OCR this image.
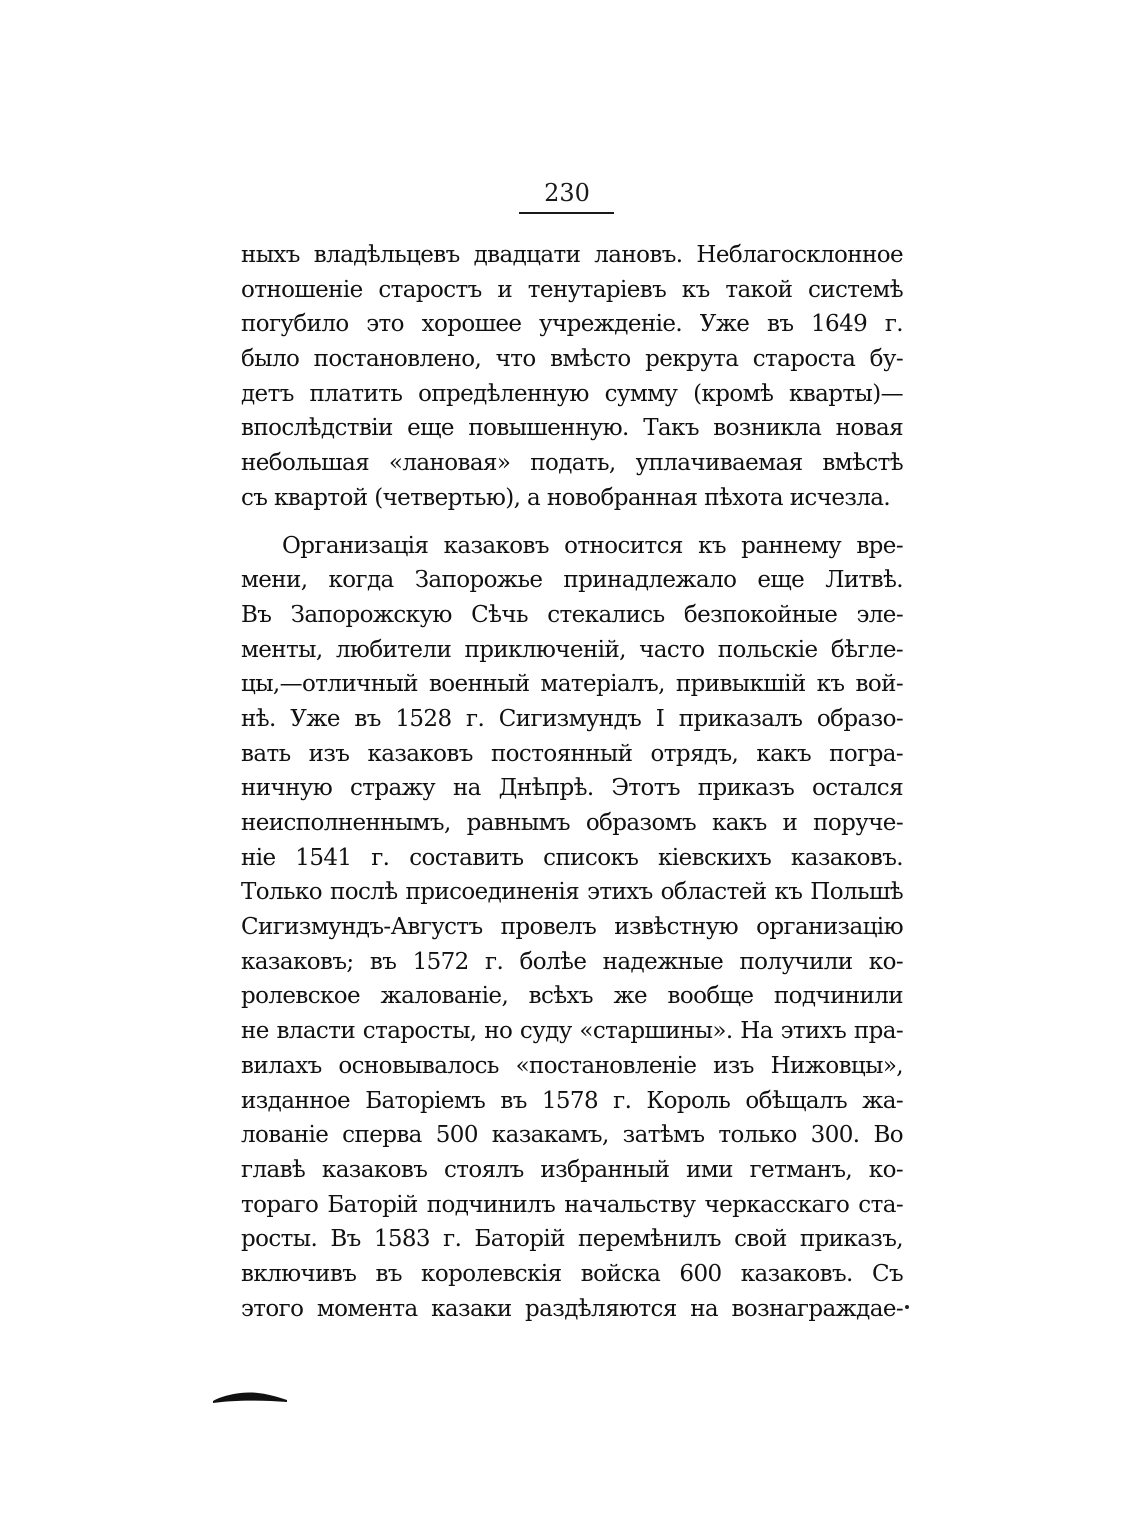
230
ныхъ владѣльцевъ двадцати лановъ. Неблагосклонное
отношеніе старостъ и тенутаріевъ къ такой системѣ
погубило это хорошее учрежденіе. Уже въ 1649 г.
было постановлено, что вмѣсто рекрута староста бу-
детъ платить опредѣленную сумму (кромѣ кварты)—
впослѣдствіи еще повышенную. Такъ возникла новая
небольшая «лановая» подать, уплачиваемая вмѣстѣ
съ квартой (четвертью), а новобранная пѣхота исчезла.
Организація казаковъ относится къ раннему вре-
мени, когда Запорожье принадлежало еще Литвѣ.
Въ Запорожскую Сѣчь стекались безпокойные эле-
менты, любители приключеній, часто польскіе бѣгле-
цы,—отличный военный матеріалъ, привыкшій къ вой-
нѣ. Уже въ 1528 г. Сигизмундъ I приказалъ образо-
вать изъ казаковъ постоянный отрядъ, какъ погра-
ничную стражу на Днѣпрѣ. Этотъ приказъ остался
неисполненнымъ, равнымъ образомъ какъ и поруче-
ніе 1541 г. составить списокъ кіевскихъ казаковъ.
Только послѣ присоединенія этихъ областей къ Польшѣ
Сигизмундъ-Августъ провелъ извѣстную организацію
казаковъ; въ 1572 г. болѣе надежные получили ко-
ролевское жалованіе, всѣхъ же вообще подчинили
не власти старосты, но суду «старшины». На этихъ пра-
вилахъ основывалось «постановленіе изъ Нижовцы»,
изданное Баторіемъ въ 1578 г. Король обѣщалъ жа-
лованіе сперва 500 казакамъ, затѣмъ только 300. Во
главѣ казаковъ стоялъ избранный ими гетманъ, ко-
тораго Баторій подчинилъ начальству черкасскаго ста-
росты. Въ 1583 г. Баторій перемѣнилъ свой приказъ,
включивъ въ королевскія войска 600 казаковъ. Съ
этого момента казаки раздѣляются на вознаграждае-
